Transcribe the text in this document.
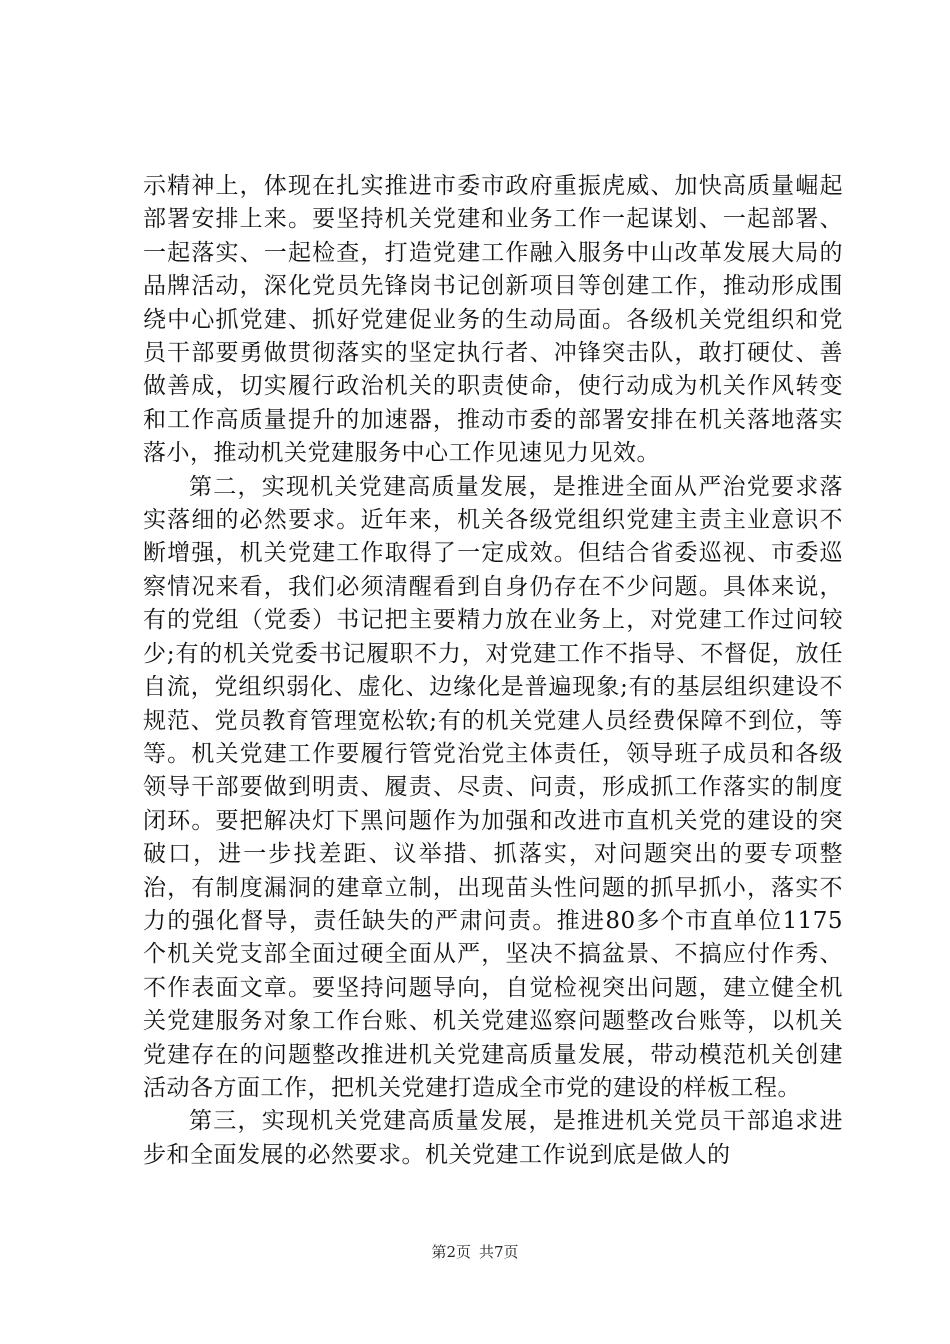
示精神上，体现在扎实推进市委市政府重振虎威、加快高质量崛起部署安排上来。要坚持机关党建和业务工作一起谋划、一起部署、一起落实、一起检查，打造党建工作融入服务中山改革发展大局的品牌活动，深化党员先锋岗书记创新项目等创建工作，推动形成围绕中心抓党建、抓好党建促业务的生动局面。各级机关党组织和党员干部要勇做贯彻落实的坚定执行者、冲锋突击队，敢打硬仗、善做善成，切实履行政治机关的职责使命，使行动成为机关作风转变和工作高质量提升的加速器，推动市委的部署安排在机关落地落实落小，推动机关党建服务中心工作见速见力见效。

第二，实现机关党建高质量发展，是推进全面从严治党要求落实落细的必然要求。近年来，机关各级党组织党建主责主业意识不断增强，机关党建工作取得了一定成效。但结合省委巡视、市委巡察情况来看，我们必须清醒看到自身仍存在不少问题。具体来说，有的党组（党委）书记把主要精力放在业务上，对党建工作过问较少;有的机关党委书记履职不力，对党建工作不指导、不督促，放任自流，党组织弱化、虚化、边缘化是普遍现象;有的基层组织建设不规范、党员教育管理宽松软;有的机关党建人员经费保障不到位，等等。机关党建工作要履行管党治党主体责任，领导班子成员和各级领导干部要做到明责、履责、尽责、问责，形成抓工作落实的制度闭环。要把解决灯下黑问题作为加强和改进市直机关党的建设的突破口，进一步找差距、议举措、抓落实，对问题突出的要专项整治，有制度漏洞的建章立制，出现苗头性问题的抓早抓小，落实不力的强化督导，责任缺失的严肃问责。推进80多个市直单位1175个机关党支部全面过硬全面从严，坚决不搞盆景、不搞应付作秀、不作表面文章。要坚持问题导向，自觉检视突出问题，建立健全机关党建服务对象工作台账、机关党建巡察问题整改台账等，以机关党建存在的问题整改推进机关党建高质量发展，带动模范机关创建活动各方面工作，把机关党建打造成全市党的建设的样板工程。

第三，实现机关党建高质量发展，是推进机关党员干部追求进步和全面发展的必然要求。机关党建工作说到底是做人的

第2页 共7页
